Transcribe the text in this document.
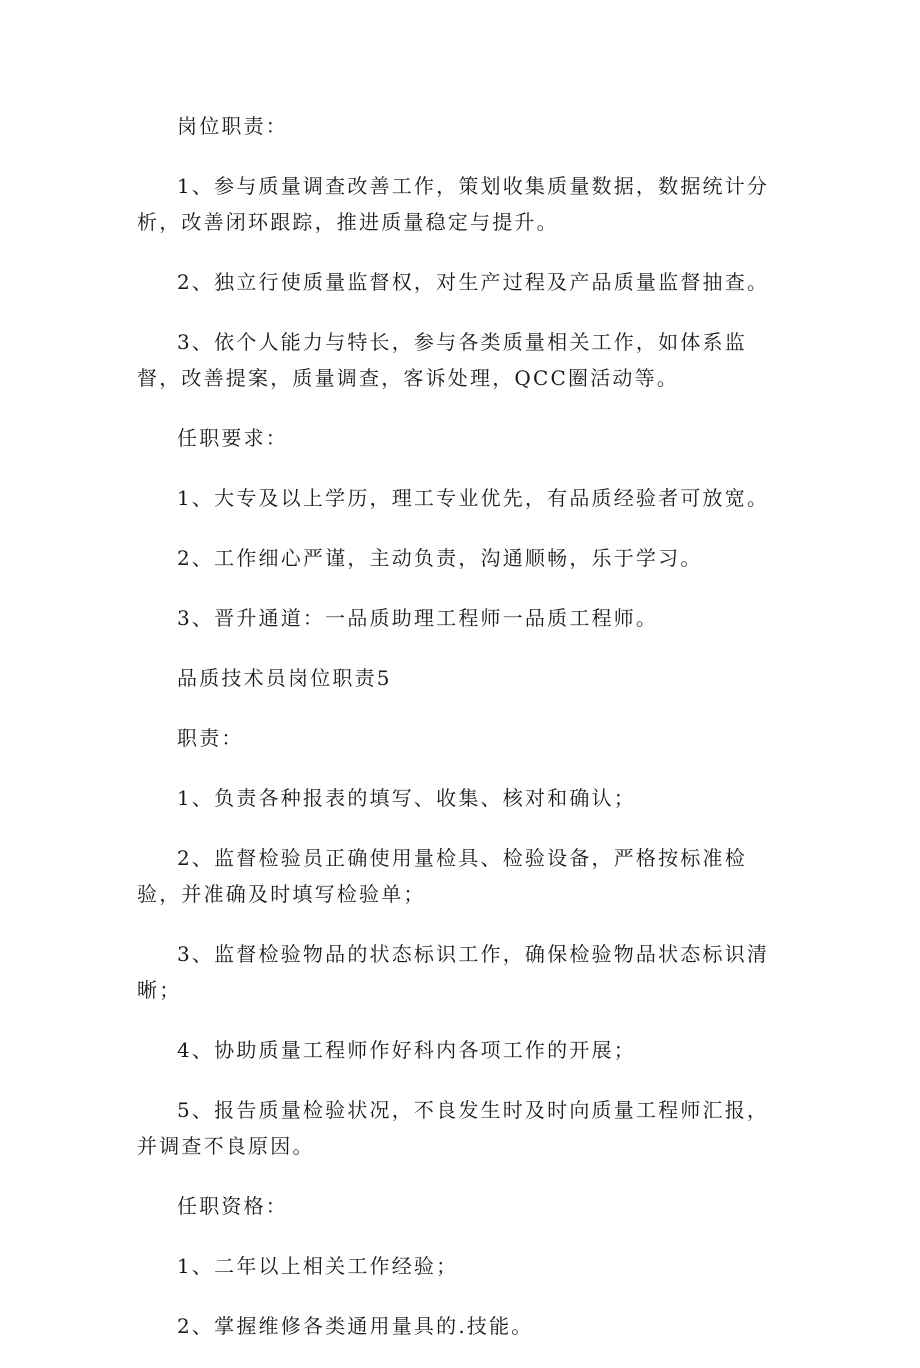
岗位职责：

1、参与质量调查改善工作，策划收集质量数据，数据统计分析，改善闭环跟踪，推进质量稳定与提升。

2、独立行使质量监督权，对生产过程及产品质量监督抽查。

3、依个人能力与特长，参与各类质量相关工作，如体系监督，改善提案，质量调查，客诉处理，QCC圈活动等。

任职要求：

1、大专及以上学历，理工专业优先，有品质经验者可放宽。

2、工作细心严谨，主动负责，沟通顺畅，乐于学习。

3、晋升通道：一品质助理工程师一品质工程师。

品质技术员岗位职责5

职责：

1、负责各种报表的填写、收集、核对和确认；

2、监督检验员正确使用量检具、检验设备，严格按标准检验，并准确及时填写检验单；

3、监督检验物品的状态标识工作，确保检验物品状态标识清晰；

4、协助质量工程师作好科内各项工作的开展；

5、报告质量检验状况，不良发生时及时向质量工程师汇报，并调查不良原因。

任职资格：

1、二年以上相关工作经验；

2、掌握维修各类通用量具的.技能。
